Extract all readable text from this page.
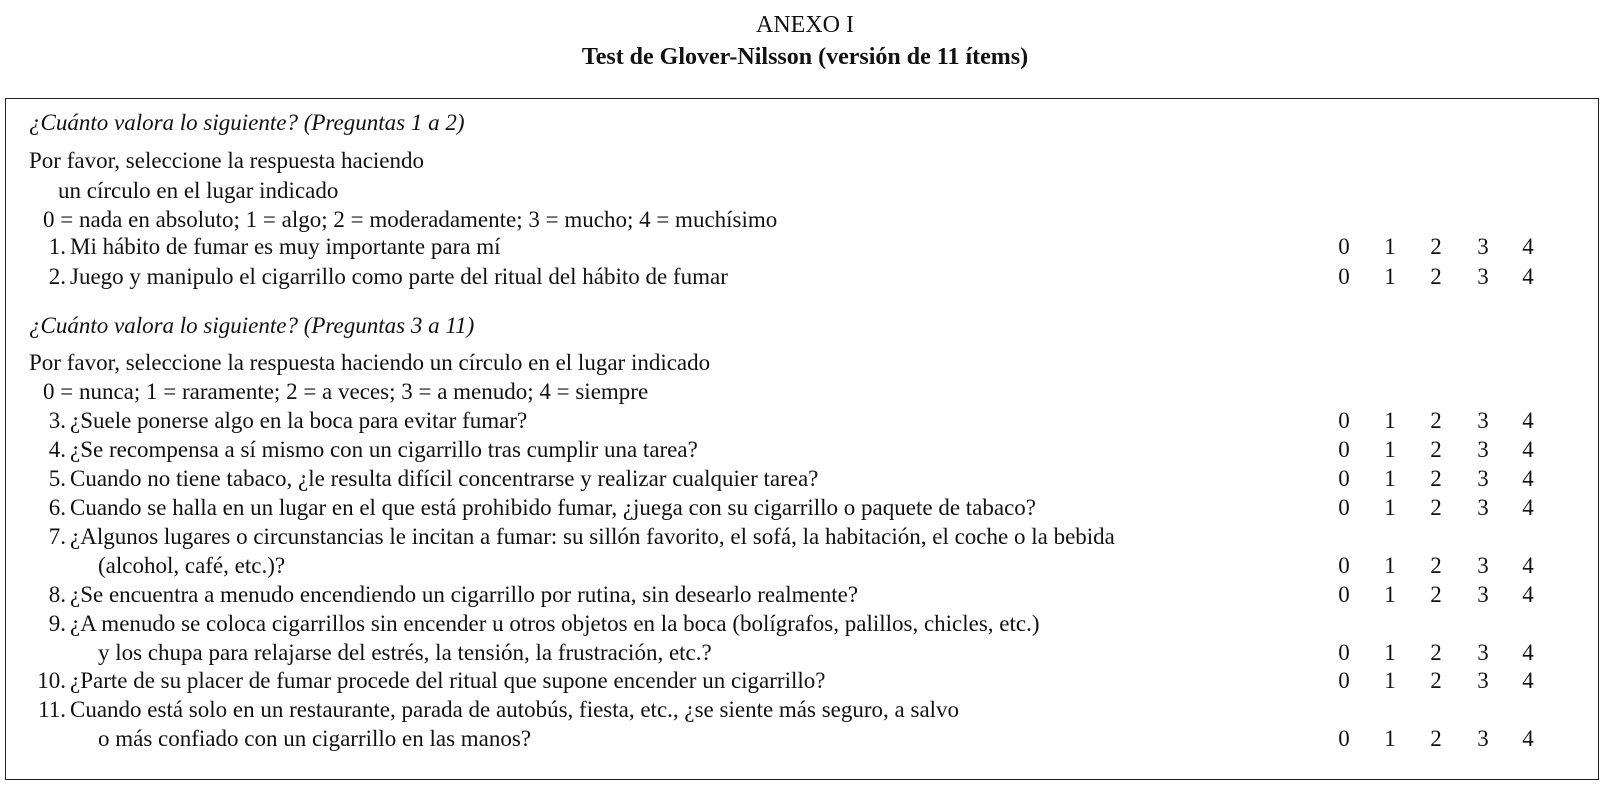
ANEXO I
Test de Glover-Nilsson (versión de 11 ítems)
¿Cuánto valora lo siguiente? (Preguntas 1 a 2)
Por favor, seleccione la respuesta haciendo
un círculo en el lugar indicado
0 = nada en absoluto; 1 = algo; 2 = moderadamente; 3 = mucho; 4 = muchísimo
¿Cuánto valora lo siguiente? (Preguntas 3 a 11)
Por favor, seleccione la respuesta haciendo un círculo en el lugar indicado
0 = nunca; 1 = raramente; 2 = a veces; 3 = a menudo; 4 = siempre
1. Mi hábito de fumar es muy importante para mí	0 1 2 3 4
2. Juego y manipulo el cigarrillo como parte del ritual del hábito de fumar	0 1 2 3 4
3. ¿Suele ponerse algo en la boca para evitar fumar?	0 1 2 3 4
4. ¿Se recompensa a sí mismo con un cigarrillo tras cumplir una tarea?	0 1 2 3 4
5. Cuando no tiene tabaco, ¿le resulta difícil concentrarse y realizar cualquier tarea?	0 1 2 3 4
6. Cuando se halla en un lugar en el que está prohibido fumar, ¿juega con su cigarrillo o paquete de tabaco?	0 1 2 3 4
7. ¿Algunos lugares o circunstancias le incitan a fumar: su sillón favorito, el sofá, la habitación, el coche o la bebida
(alcohol, café, etc.)?	0 1 2 3 4
8. ¿Se encuentra a menudo encendiendo un cigarrillo por rutina, sin desearlo realmente?	0 1 2 3 4
9. ¿A menudo se coloca cigarrillos sin encender u otros objetos en la boca (bolígrafos, palillos, chicles, etc.)
y los chupa para relajarse del estrés, la tensión, la frustración, etc.?	0 1 2 3 4
10. ¿Parte de su placer de fumar procede del ritual que supone encender un cigarrillo?	0 1 2 3 4
11. Cuando está solo en un restaurante, parada de autobús, fiesta, etc., ¿se siente más seguro, a salvo
o más confiado con un cigarrillo en las manos?	0 1 2 3 4
